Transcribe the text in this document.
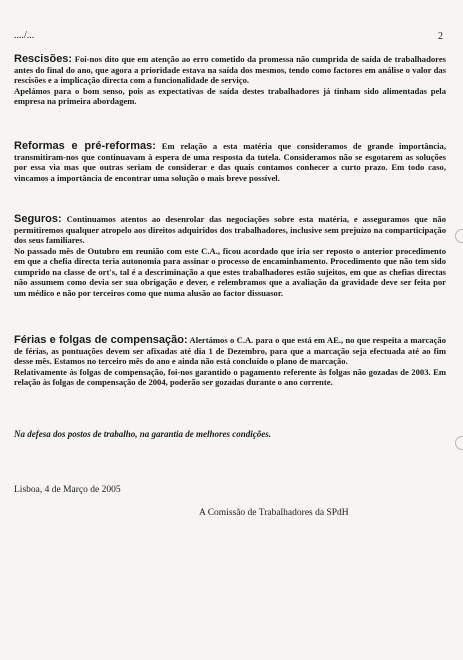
..../...	2

Rescisões: Foi-nos dito que em atenção ao erro cometido da promessa não cumprida de saída de trabalhadores antes do final do ano, que agora a prioridade estava na saída dos mesmos, tendo como factores em análise o valor das rescisões e a implicação directa com a funcionalidade de serviço.

Apelámos para o bom senso, pois as expectativas de saída destes trabalhadores já tinham sido alimentadas pela empresa na primeira abordagem.

Reformas e pré-reformas: Em relação a esta matéria que consideramos de grande importância, transmitiram-nos que continuavam à espera de uma resposta da tutela. Consideramos não se esgotarem as soluções por essa via mas que outras seriam de considerar e das quais contamos conhecer a curto prazo. Em todo caso, vincamos a importância de encontrar uma solução o mais breve possível.

Seguros: Continuamos atentos ao desenrolar das negociações sobre esta matéria, e asseguramos que não permitiremos qualquer atropelo aos direitos adquiridos dos trabalhadores, inclusive sem prejuízo na comparticipação dos seus familiares.

No passado mês de Outubro em reunião com este C.A., ficou acordado que iria ser reposto o anterior procedimento em que a chefia directa teria autonomia para assinar o processo de encaminhamento. Procedimento que não tem sido cumprido na classe de ort's, tal é a descriminação a que estes trabalhadores estão sujeitos, em que as chefias directas não assumem como devia ser sua obrigação e dever, e relembramos que a avaliação da gravidade deve ser feita por um médico e não por terceiros como que numa alusão ao factor dissuasor.

Férias e folgas de compensação: Alertámos o C.A. para o que está em AE., no que respeita a marcação de férias, as pontuações devem ser afixadas até dia 1 de Dezembro, para que a marcação seja efectuada até ao fim desse mês. Estamos no terceiro mês do ano e ainda não está concluído o plano de marcação.

Relativamente às folgas de compensação, foi-nos garantido o pagamento referente às folgas não gozadas de 2003. Em relação às folgas de compensação de 2004, poderão ser gozadas durante o ano corrente.

Na defesa dos postos de trabalho, na garantia de melhores condições.
Lisboa, 4 de Março de 2005
A Comissão de Trabalhadores da SPdH
